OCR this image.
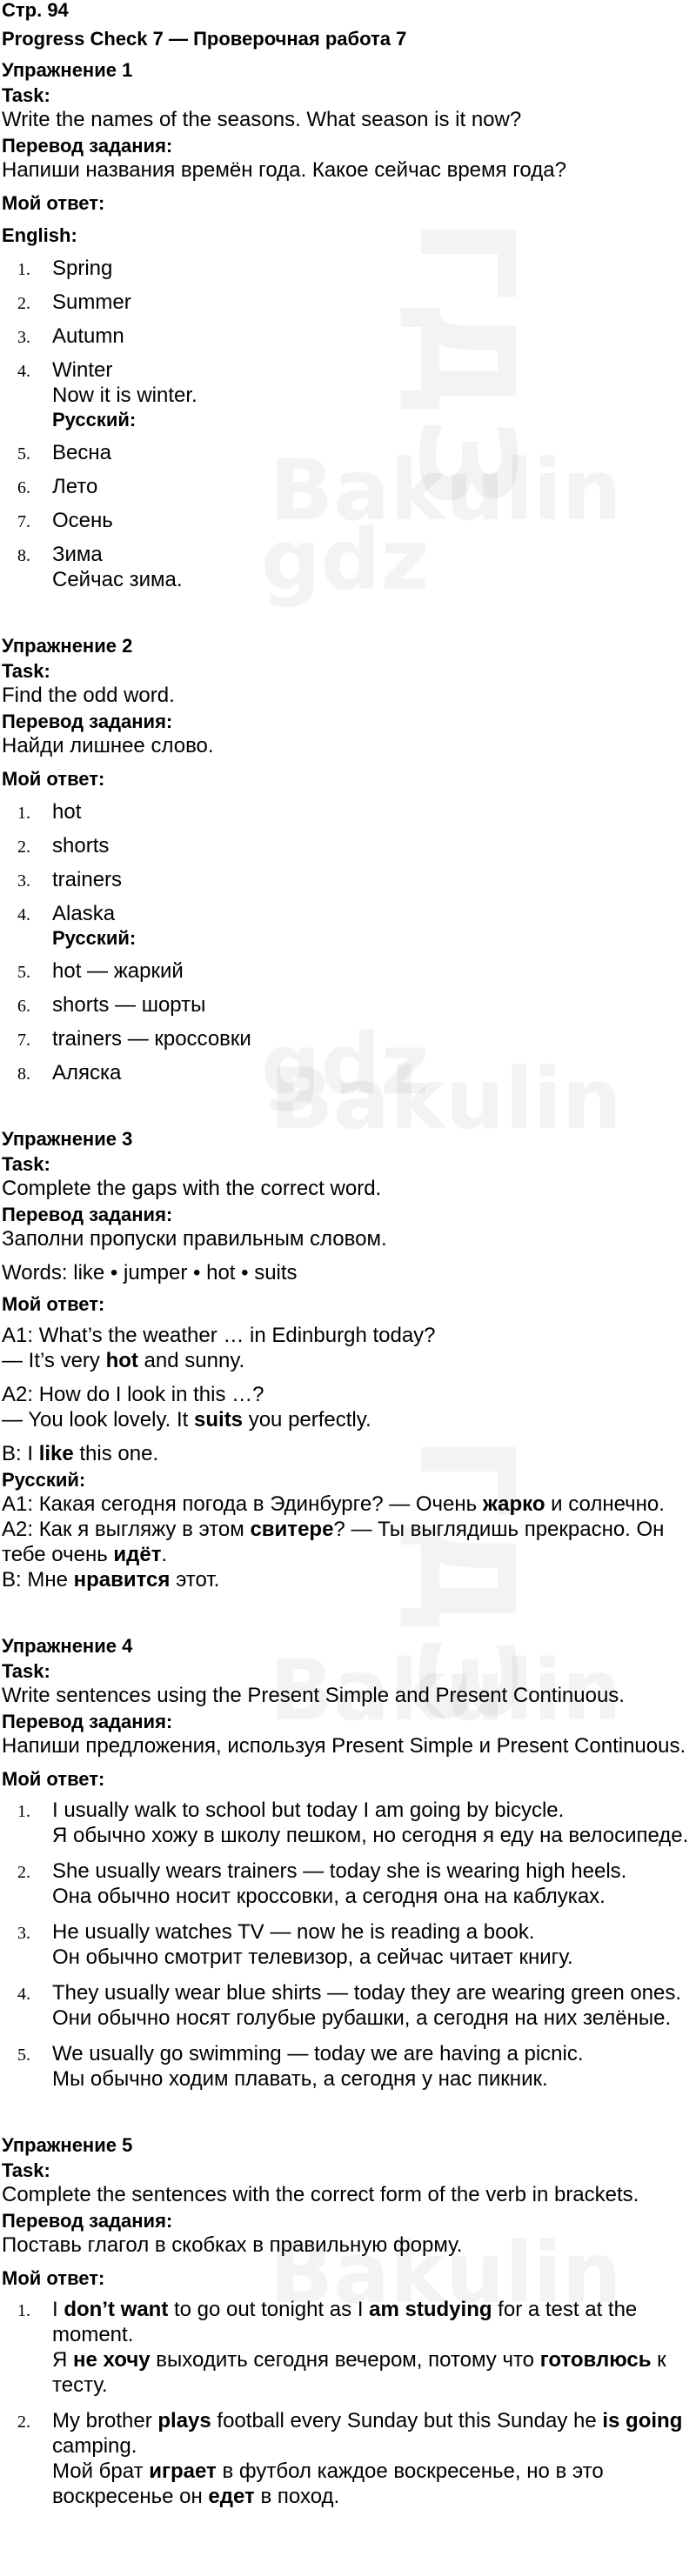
Стр. 94
Progress Check 7 — Проверочная работа 7
Упражнение 1
Task:
Write the names of the seasons. What season is it now?
Перевод задания:
Напиши названия времён года. Какое сейчас время года?
Мой ответ:
English:
1. Spring
2. Summer
3. Autumn
4. Winter
Now it is winter.
Русский:
5. Весна
6. Лето
7. Осень
8. Зима
Сейчас зима.
Упражнение 2
Task:
Find the odd word.
Перевод задания:
Найди лишнее слово.
Мой ответ:
1. hot
2. shorts
3. trainers
4. Alaska
Русский:
5. hot — жаркий
6. shorts — шорты
7. trainers — кроссовки
8. Аляска
Упражнение 3
Task:
Complete the gaps with the correct word.
Перевод задания:
Заполни пропуски правильным словом.
Words: like • jumper • hot • suits
Мой ответ:

A1: What’s the weather … in Edinburgh today?

— It’s very hot and sunny.

A2: How do I look in this …?

— You look lovely. It suits you perfectly.

B: I like this one.

Русский:

A1: Какая сегодня погода в Эдинбурге? — Очень жарко и солнечно.

A2: Как я выгляжу в этом свитере? — Ты выглядишь прекрасно. Он тебе очень идёт.

B: Мне нравится этот.

Упражнение 4
Task:
Write sentences using the Present Simple and Present Continuous.
Перевод задания:
Напиши предложения, используя Present Simple и Present Continuous.
Мой ответ:
1. I usually walk to school but today I am going by bicycle.
Я обычно хожу в школу пешком, но сегодня я еду на велосипеде.
2. She usually wears trainers — today she is wearing high heels.
Она обычно носит кроссовки, а сегодня она на каблуках.
3. He usually watches TV — now he is reading a book.
Он обычно смотрит телевизор, а сейчас читает книгу.
4. They usually wear blue shirts — today they are wearing green ones.
Они обычно носят голубые рубашки, а сегодня на них зелёные.
5. We usually go swimming — today we are having a picnic.
Мы обычно ходим плавать, а сегодня у нас пикник.
Упражнение 5
Task:
Complete the sentences with the correct form of the verb in brackets.
Перевод задания:
Поставь глагол в скобках в правильную форму.
Мой ответ:
1. I don’t want to go out tonight as I am studying for a test at the moment.
Я не хочу выходить сегодня вечером, потому что готовлюсь к тесту.
2. My brother plays football every Sunday but this Sunday he is going camping.
Мой брат играет в футбол каждое воскресенье, но в это воскресенье он едет в поход.
